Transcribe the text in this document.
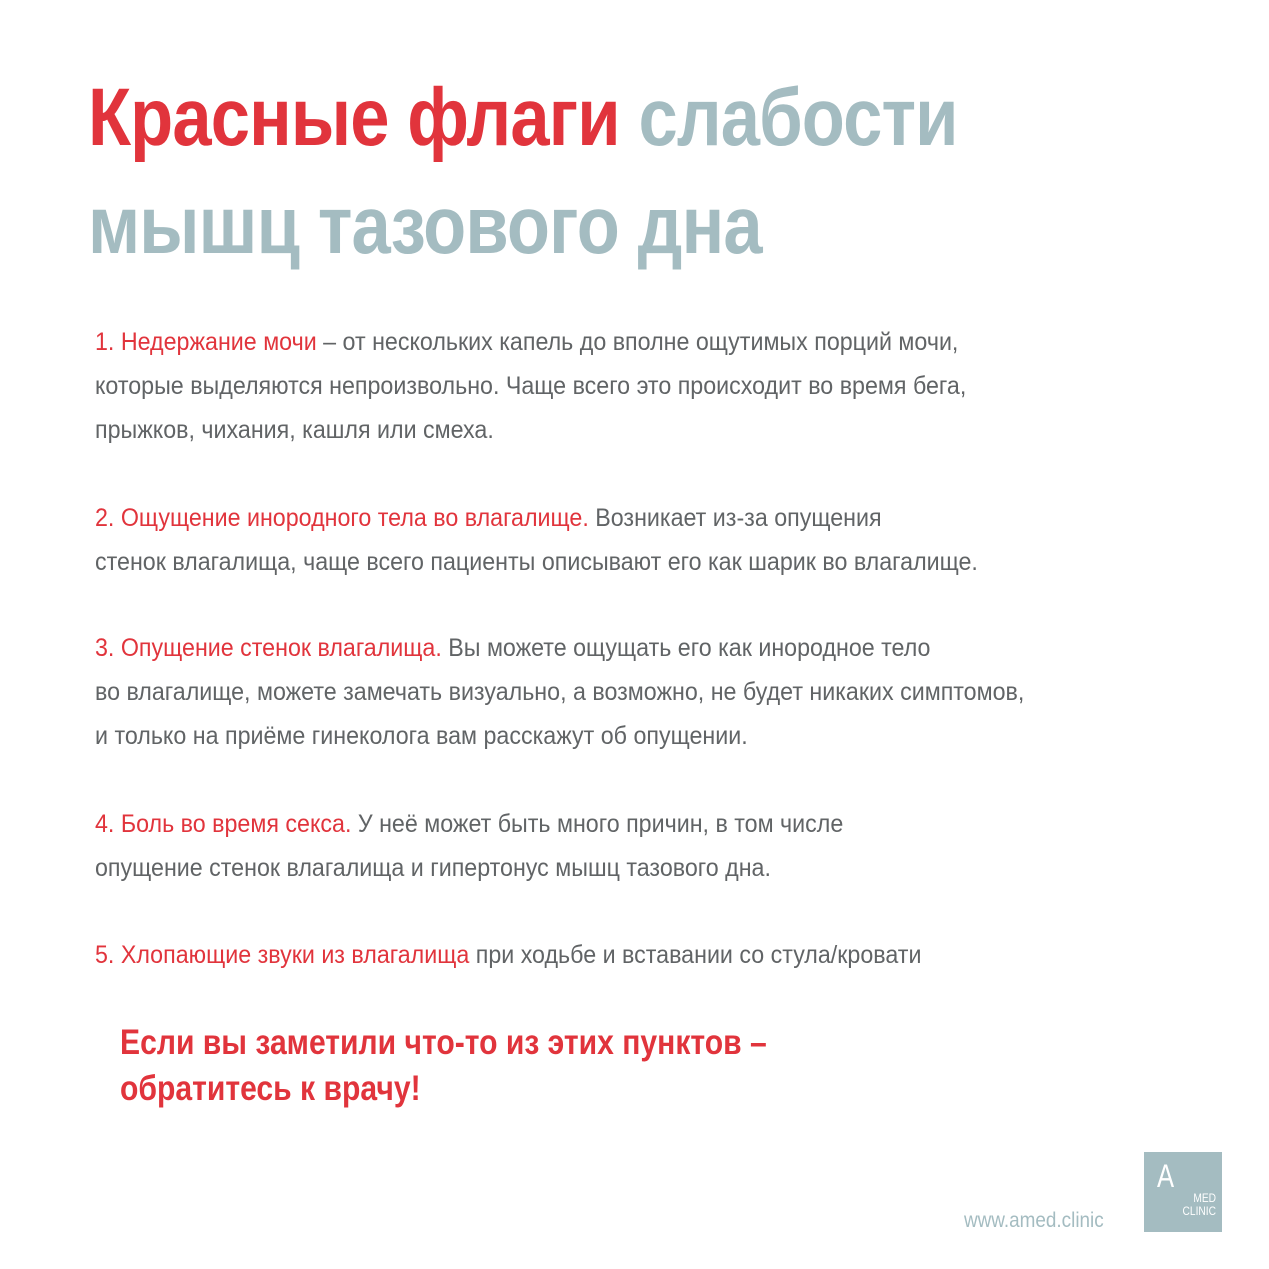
Красные флаги слабости
мышц тазового дна
1. Недержание мочи – от нескольких капель до вполне ощутимых порций мочи,
которые выделяются непроизвольно. Чаще всего это происходит во время бега,
прыжков, чихания, кашля или смеха.
2. Ощущение инородного тела во влагалище. Возникает из-за опущения
стенок влагалища, чаще всего пациенты описывают его как шарик во влагалище.
3. Опущение стенок влагалища. Вы можете ощущать его как инородное тело
во влагалище, можете замечать визуально, а возможно, не будет никаких симптомов,
и только на приёме гинеколога вам расскажут об опущении.
4. Боль во время секса. У неё может быть много причин, в том числе
опущение стенок влагалища и гипертонус мышц тазового дна.
5. Хлопающие звуки из влагалища при ходьбе и вставании со стула/кровати
Если вы заметили что-то из этих пунктов –
обратитесь к врачу!
www.amed.clinic
A
MED
CLINIC
